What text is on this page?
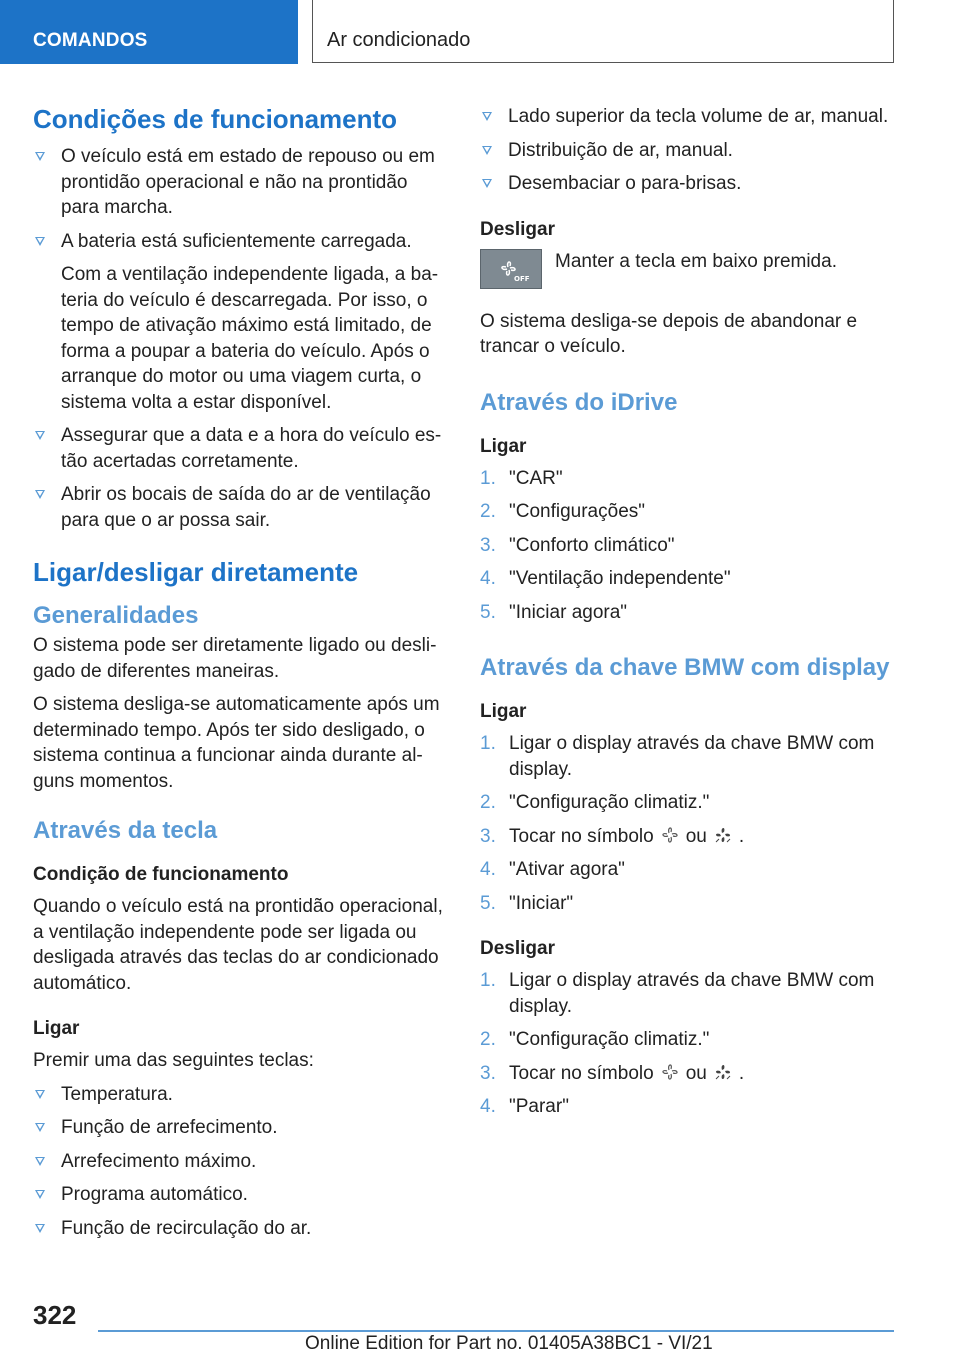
COMANDOS	Ar condicionado
Condições de funcionamento
O veículo está em estado de repouso ou em prontidão operacional e não na prontidão para marcha.
A bateria está suficientemente carregada.
Com a ventilação independente ligada, a bateria do veículo é descarregada. Por isso, o tempo de ativação máximo está limitado, de forma a poupar a bateria do veículo. Após o arranque do motor ou uma viagem curta, o sistema volta a estar disponível.
Assegurar que a data e a hora do veículo estão acertadas corretamente.
Abrir os bocais de saída do ar de ventilação para que o ar possa sair.
Ligar/desligar diretamente
Generalidades

O sistema pode ser diretamente ligado ou desligado de diferentes maneiras.

O sistema desliga-se automaticamente após um determinado tempo. Após ter sido desligado, o sistema continua a funcionar ainda durante alguns momentos.

Através da tecla
Condição de funcionamento

Quando o veículo está na prontidão operacional, a ventilação independente pode ser ligada ou desligada através das teclas do ar condicionado automático.

Ligar

Premir uma das seguintes teclas:

Temperatura.
Função de arrefecimento.
Arrefecimento máximo.
Programa automático.
Função de recirculação do ar.
Lado superior da tecla volume de ar, manual.
Distribuição de ar, manual.
Desembaciar o para-brisas.
Desligar
OFF
Manter a tecla em baixo premida.

O sistema desliga-se depois de abandonar e trancar o veículo.

Através do iDrive
Ligar
1. "CAR"
2. "Configurações"
3. "Conforto climático"
4. "Ventilação independente"
5. "Iniciar agora"
Através da chave BMW com display
Ligar
1. Ligar o display através da chave BMW com display.
2. "Configuração climatiz."
3. Tocar no símbolo ou .
4. "Ativar agora"
5. "Iniciar"
Desligar
1. Ligar o display através da chave BMW com display.
2. "Configuração climatiz."
3. Tocar no símbolo ou .
4. "Parar"
322
Online Edition for Part no. 01405A38BC1 - VI/21
